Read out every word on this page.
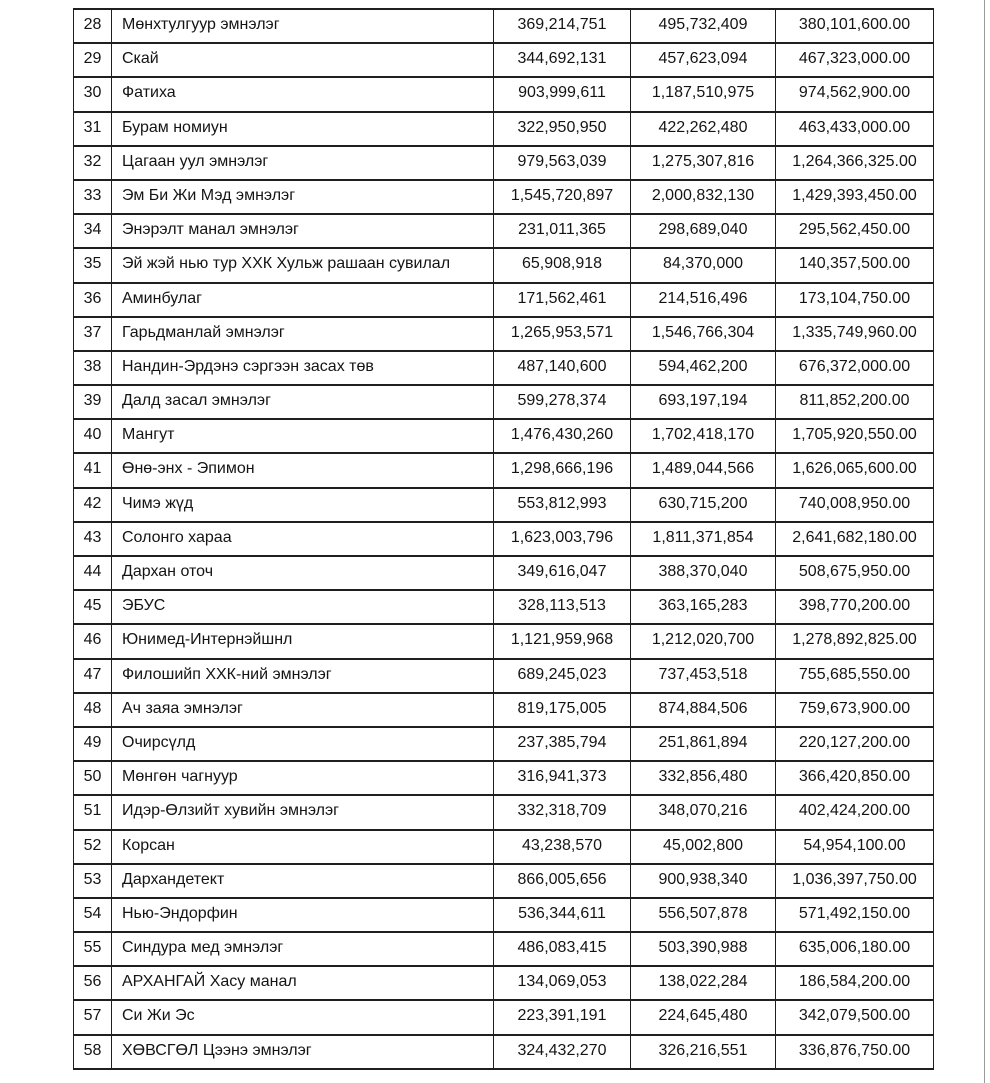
28	Мөнхтулгуур эмнэлэг	369,214,751	495,732,409	380,101,600.00
29	Скай	344,692,131	457,623,094	467,323,000.00
30	Фатиха	903,999,611	1,187,510,975	974,562,900.00
31	Бурам номиун	322,950,950	422,262,480	463,433,000.00
32	Цагаан уул эмнэлэг	979,563,039	1,275,307,816	1,264,366,325.00
33	Эм Би Жи Мэд эмнэлэг	1,545,720,897	2,000,832,130	1,429,393,450.00
34	Энэрэлт манал эмнэлэг	231,011,365	298,689,040	295,562,450.00
35	Эй жэй нью тур ХХК Хульж рашаан сувилал	65,908,918	84,370,000	140,357,500.00
36	Аминбулаг	171,562,461	214,516,496	173,104,750.00
37	Гарьдманлай эмнэлэг	1,265,953,571	1,546,766,304	1,335,749,960.00
38	Нандин-Эрдэнэ сэргээн засах төв	487,140,600	594,462,200	676,372,000.00
39	Далд засал эмнэлэг	599,278,374	693,197,194	811,852,200.00
40	Мангут	1,476,430,260	1,702,418,170	1,705,920,550.00
41	Өнө-энх - Эпимон	1,298,666,196	1,489,044,566	1,626,065,600.00
42	Чимэ жүд	553,812,993	630,715,200	740,008,950.00
43	Солонго хараа	1,623,003,796	1,811,371,854	2,641,682,180.00
44	Дархан оточ	349,616,047	388,370,040	508,675,950.00
45	ЭБУС	328,113,513	363,165,283	398,770,200.00
46	Юнимед-Интернэйшнл	1,121,959,968	1,212,020,700	1,278,892,825.00
47	Филошийп ХХК-ний эмнэлэг	689,245,023	737,453,518	755,685,550.00
48	Ач заяа эмнэлэг	819,175,005	874,884,506	759,673,900.00
49	Очирсүлд	237,385,794	251,861,894	220,127,200.00
50	Мөнгөн чагнуур	316,941,373	332,856,480	366,420,850.00
51	Идэр-Өлзийт хувийн эмнэлэг	332,318,709	348,070,216	402,424,200.00
52	Корсан	43,238,570	45,002,800	54,954,100.00
53	Дархандетект	866,005,656	900,938,340	1,036,397,750.00
54	Нью-Эндорфин	536,344,611	556,507,878	571,492,150.00
55	Синдура мед эмнэлэг	486,083,415	503,390,988	635,006,180.00
56	АРХАНГАЙ Хасу манал	134,069,053	138,022,284	186,584,200.00
57	Си Жи Эс	223,391,191	224,645,480	342,079,500.00
58	ХӨВСГӨЛ Цээнэ эмнэлэг	324,432,270	326,216,551	336,876,750.00
